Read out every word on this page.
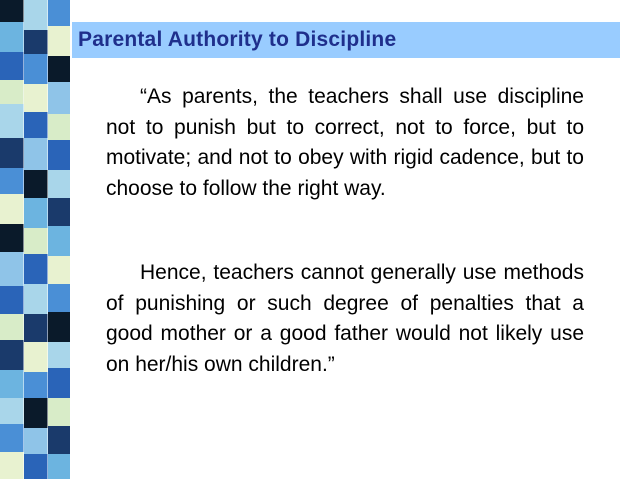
Parental Authority to Discipline

“As parents, the teachers shall use discipline not to punish but to correct, not to force, but to motivate; and not to obey with rigid cadence, but to choose to follow the right way.

Hence, teachers cannot generally use methods of punishing or such degree of penalties that a good mother or a good father would not likely use on her/his own children.”
